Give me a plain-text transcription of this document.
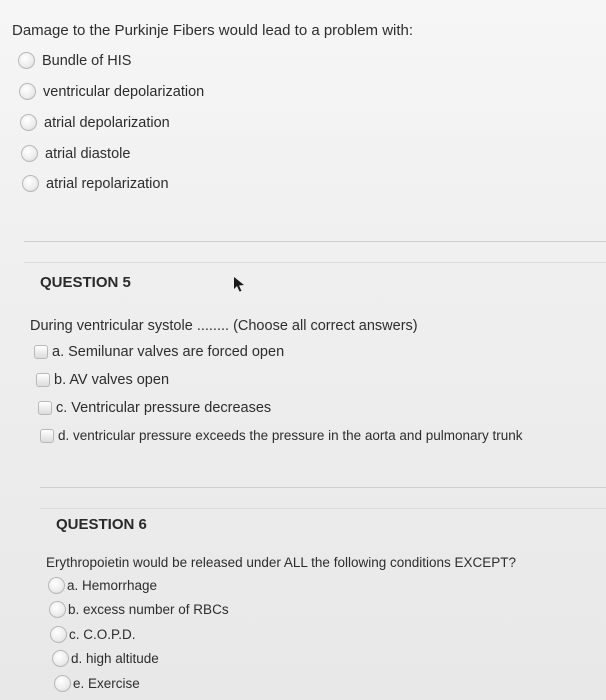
Damage to the Purkinje Fibers would lead to a problem with:
Bundle of HIS
ventricular depolarization
atrial depolarization
atrial diastole
atrial repolarization
QUESTION 5
During ventricular systole ........ (Choose all correct answers)
a. Semilunar valves are forced open
b. AV valves open
c. Ventricular pressure decreases
d. ventricular pressure exceeds the pressure in the aorta and pulmonary trunk
QUESTION 6
Erythropoietin would be released under ALL the following conditions EXCEPT?
a. Hemorrhage
b. excess number of RBCs
c. C.O.P.D.
d. high altitude
e. Exercise
